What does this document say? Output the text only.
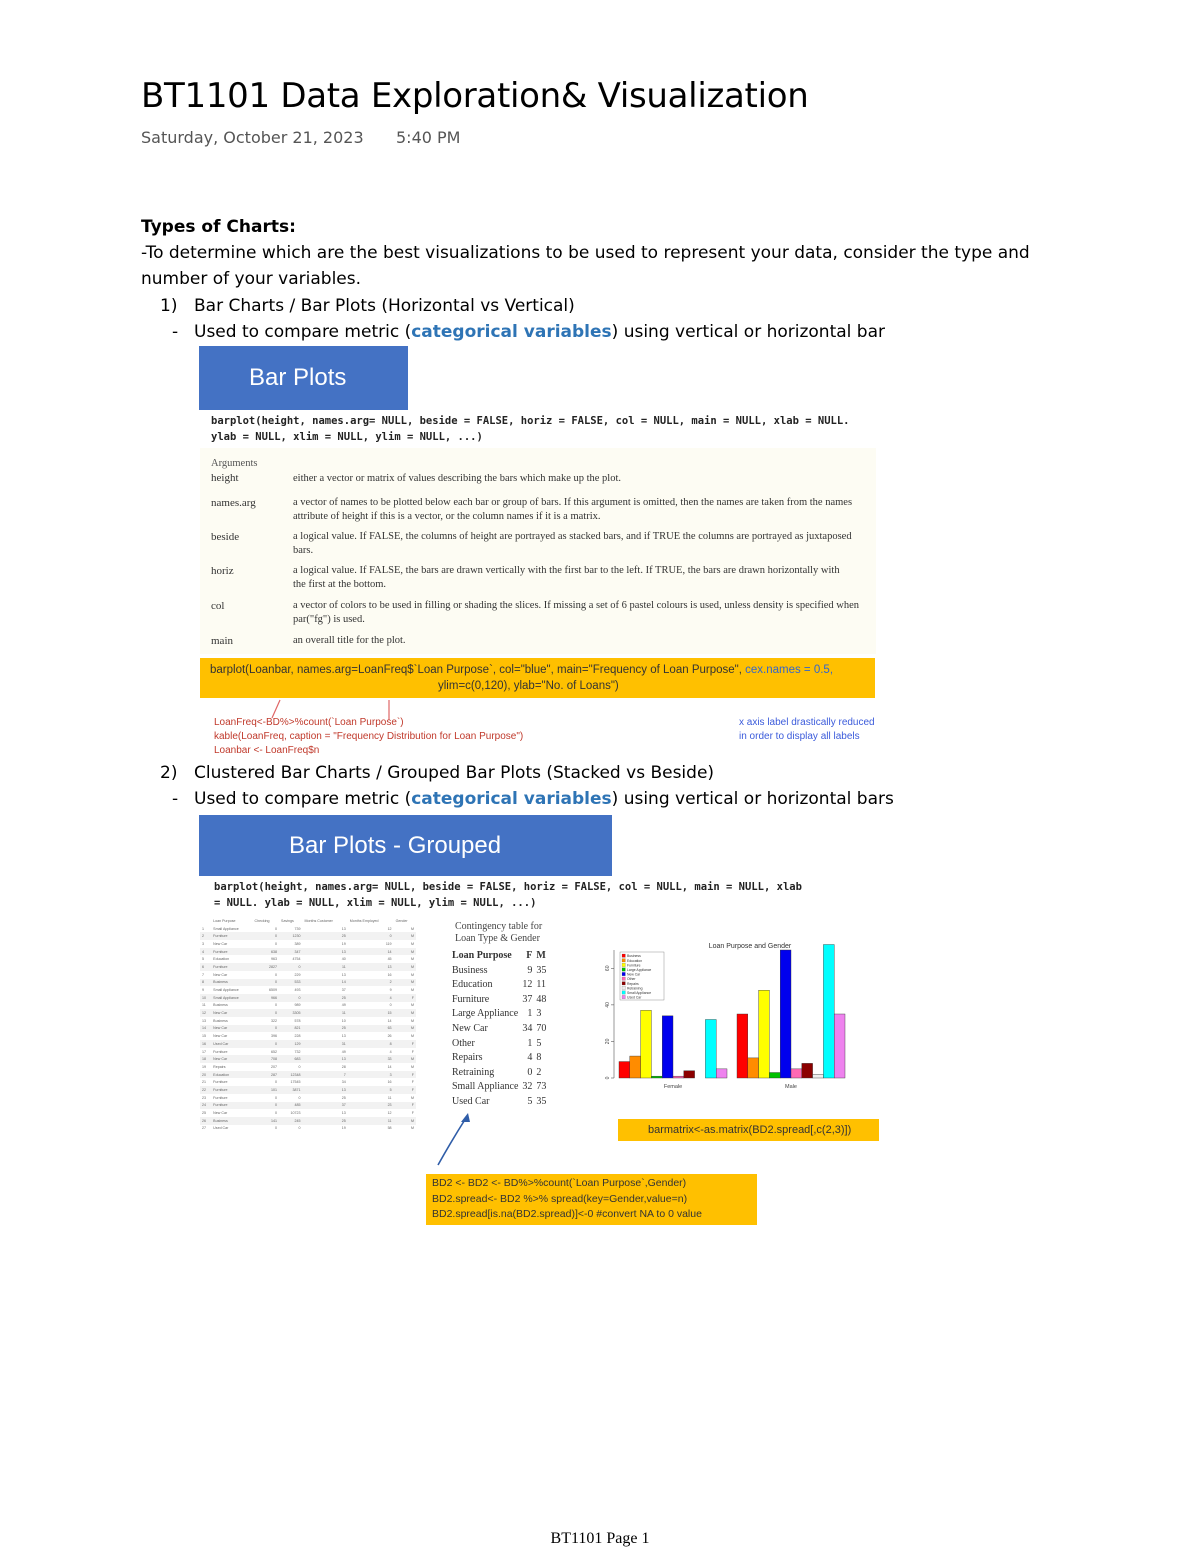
BT1101 Data Exploration& Visualization
Saturday, October 21, 2023 5:40 PM
Types of Charts:
-To determine which are the best visualizations to be used to represent your data, consider the type and
number of your variables.
1) Bar Charts / Bar Plots (Horizontal vs Vertical)
- Used to compare metric (categorical variables) using vertical or horizontal bar
Bar Plots
barplot(height, names.arg= NULL, beside = FALSE, horiz = FALSE, col = NULL, main = NULL, xlab = NULL.
ylab = NULL, xlim = NULL, ylim = NULL, ...)
Arguments
height	either a vector or matrix of values describing the bars which make up the plot.
names.arg	a vector of names to be plotted below each bar or group of bars. If this argument is omitted, then the names are taken from the names attribute of height if this is a vector, or the column names if it is a matrix.
beside	a logical value. If FALSE, the columns of height are portrayed as stacked bars, and if TRUE the columns are portrayed as juxtaposed bars.
horiz	a logical value. If FALSE, the bars are drawn vertically with the first bar to the left. If TRUE, the bars are drawn horizontally with the first at the bottom.
col	a vector of colors to be used in filling or shading the slices. If missing a set of 6 pastel colours is used, unless density is specified when par("fg") is used.
main	an overall title for the plot.
barplot(Loanbar, names.arg=LoanFreq$`Loan Purpose`, col="blue", main="Frequency of Loan Purpose", cex.names = 0.5,
ylim=c(0,120), ylab="No. of Loans")
LoanFreq<-BD%>%count(`Loan Purpose`)
kable(LoanFreq, caption = "Frequency Distribution for Loan Purpose")
Loanbar <- LoanFreq$n
x axis label drastically reduced
in order to display all labels
2) Clustered Bar Charts / Grouped Bar Plots (Stacked vs Beside)
- Used to compare metric (categorical variables) using vertical or horizontal bars
Bar Plots - Grouped
barplot(height, names.arg= NULL, beside = FALSE, horiz = FALSE, col = NULL, main = NULL, xlab
= NULL. ylab = NULL, xlim = NULL, ylim = NULL, ...)
	Loan Purpose	Checking	Savings	Months Customer	Months Employed	Gender
1	Small Appliance	0	739	13	12	M
2	Furniture	0	1230	25	0	M
3	New Car	0	389	19	119	M
4	Furniture	638	347	13	14	M
5	Education	963	4754	40	45	M
6	Furniture	2827	0	11	13	M
7	New Car	0	229	13	16	M
8	Business	0	533	14	2	M
9	Small Appliance	6509	493	37	9	M
10	Small Appliance	966	0	25	4	F
11	Business	0	989	49	0	M
12	New Car	0	3305	11	15	M
13	Business	322	578	10	14	M
14	New Car	0	821	25	63	M
15	New Car	396	228	13	26	M
16	Used Car	0	129	31	8	F
17	Furniture	652	732	49	4	F
18	New Car	708	683	13	33	M
19	Repairs	207	0	28	14	M
20	Education	287	12348	7	3	F
21	Furniture	0	17545	34	16	F
22	Furniture	101	3871	13	5	F
23	Furniture	0	0	25	11	M
24	Furniture	0	485	37	23	F
25	New Car	0	10723	13	12	F
26	Business	141	245	25	11	M
27	Used Car	0	0	19	58	M
Contingency table for
Loan Type & Gender
Loan Purpose	F	M
Business	9	35
Education	12	11
Furniture	37	48
Large Appliance	1	3
New Car	34	70
Other	1	5
Repairs	4	8
Retraining	0	2
Small Appliance	32	73
Used Car	5	35
Loan Purpose and Gender
0
20
40
60
Female	Male
Business
Education
Furniture
Large Appliance
New Car
Other
Repairs
Retraining
Small Appliance
Used Car
barmatrix<-as.matrix(BD2.spread[,c(2,3)])
BD2 <- BD2 <- BD%>%count(`Loan Purpose`,Gender)
BD2.spread<- BD2 %>% spread(key=Gender,value=n)
BD2.spread[is.na(BD2.spread)]<-0 #convert NA to 0 value
BT1101 Page 1
